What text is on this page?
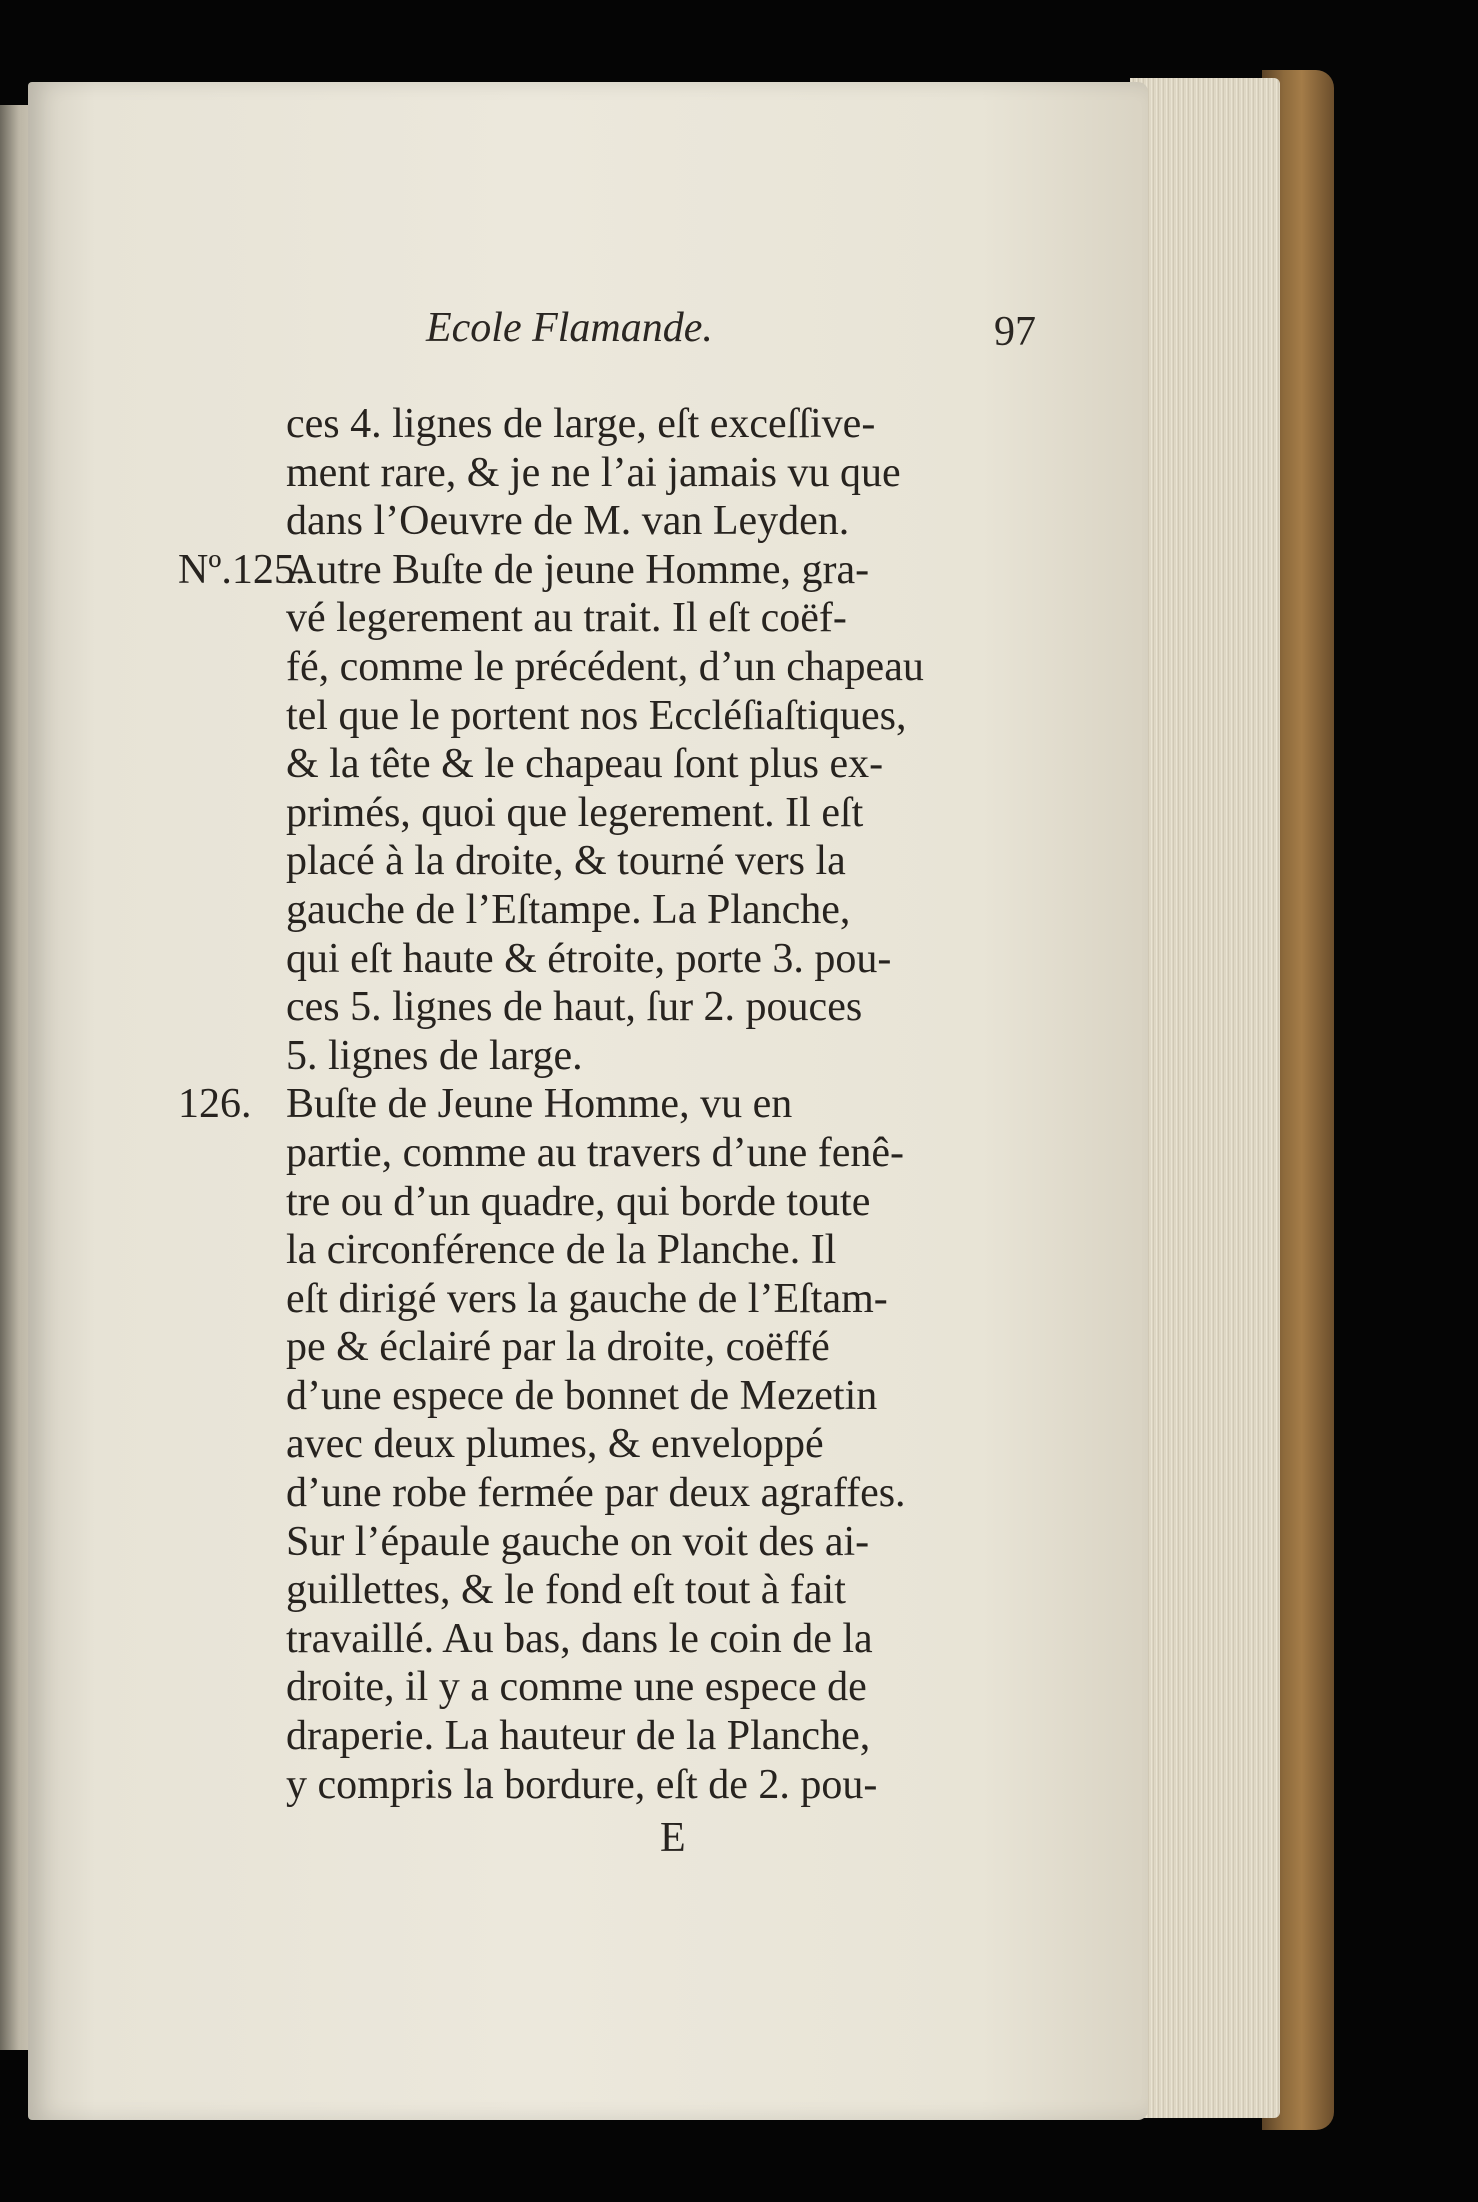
Ecole Flamande.	97
ces 4. lignes de large, eſt exceſſive-
ment rare, & je ne l’ai jamais vu que
dans l’Oeuvre de M. van Leyden.
Nº.125.
Autre Buſte de jeune Homme, gra-
vé legerement au trait. Il eſt coëf-
fé, comme le précédent, d’un chapeau
tel que le portent nos Eccléſiaſtiques,
& la tête & le chapeau ſont plus ex-
primés, quoi que legerement. Il eſt
placé à la droite, & tourné vers la
gauche de l’Eſtampe. La Planche,
qui eſt haute & étroite, porte 3. pou-
ces 5. lignes de haut, ſur 2. pouces
5. lignes de large.
126. Buſte de Jeune Homme, vu en
partie, comme au travers d’une fenê-
tre ou d’un quadre, qui borde toute
la circonférence de la Planche. Il
eſt dirigé vers la gauche de l’Eſtam-
pe & éclairé par la droite, coëffé
d’une espece de bonnet de Mezetin
avec deux plumes, & enveloppé
d’une robe fermée par deux agraffes.
Sur l’épaule gauche on voit des ai-
guillettes, & le fond eſt tout à fait
travaillé. Au bas, dans le coin de la
droite, il y a comme une espece de
draperie. La hauteur de la Planche,
y compris la bordure, eſt de 2. pou-
E
